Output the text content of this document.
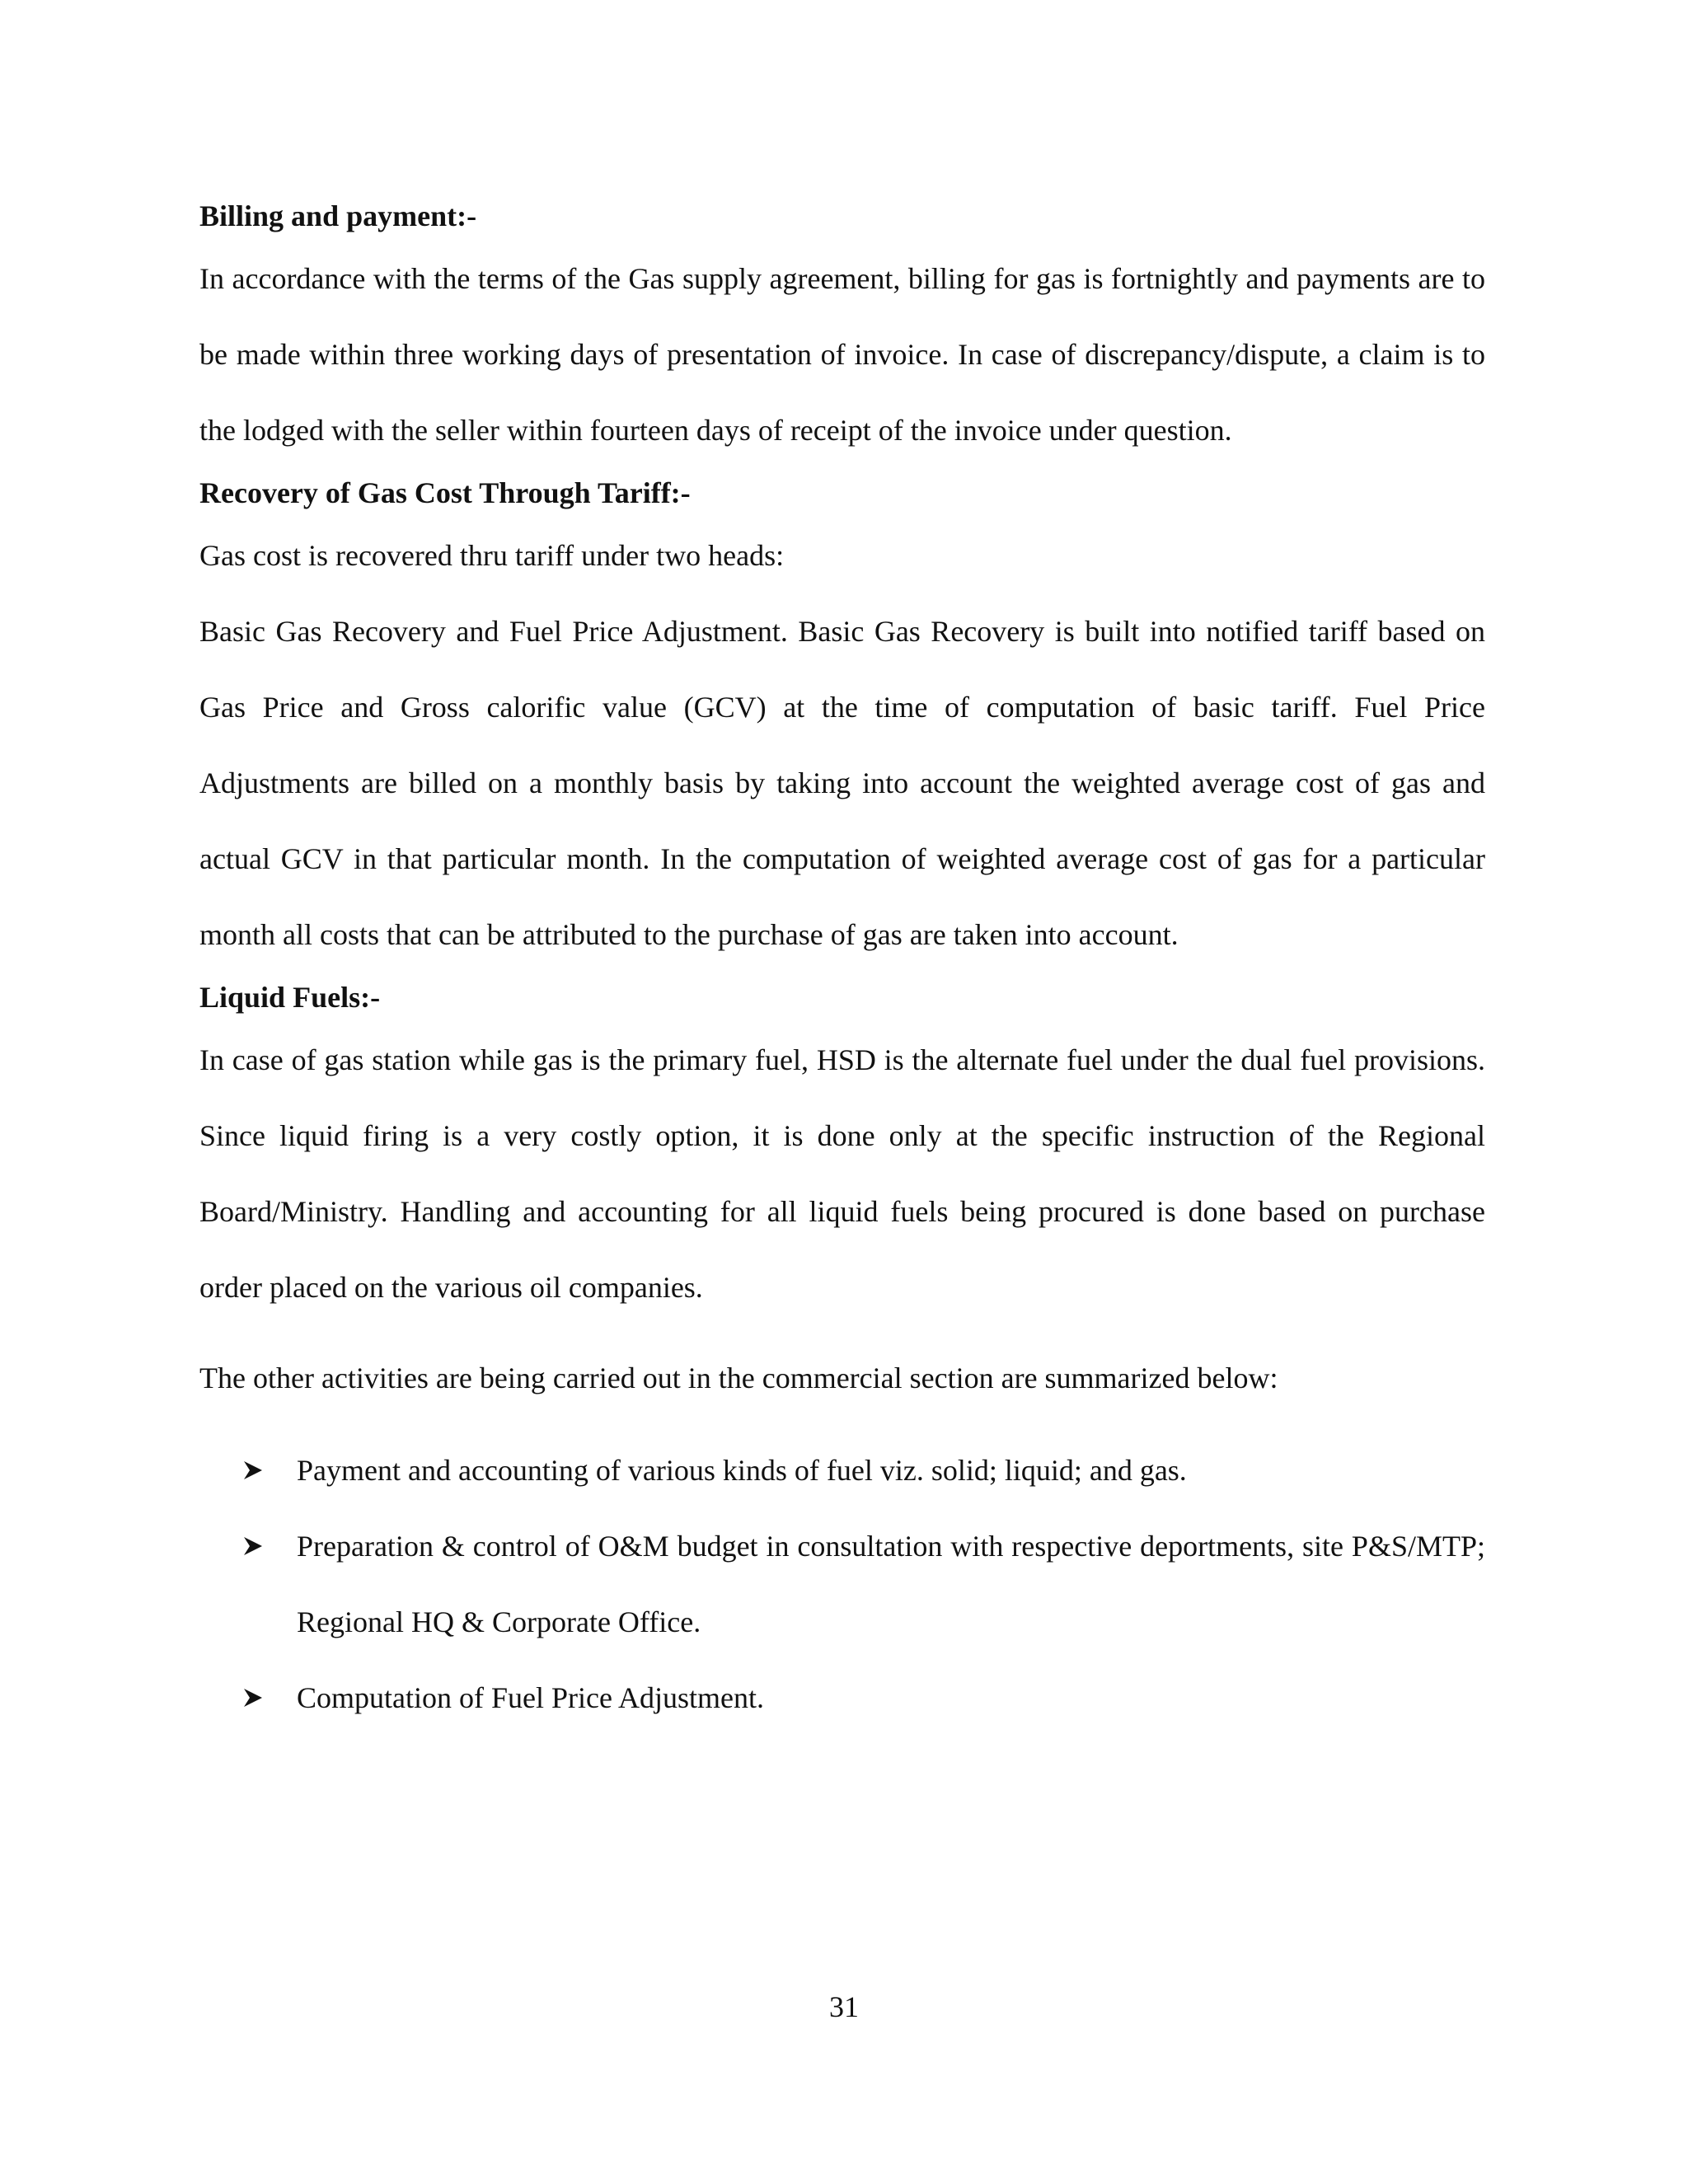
Billing and payment:-

In accordance with the terms of the Gas supply agreement, billing for gas is fortnightly and payments are to be made within three working days of presentation of invoice. In case of discrepancy/dispute, a claim is to the lodged with the seller within fourteen days of receipt of the invoice under question.

Recovery of Gas Cost Through Tariff:-

Gas cost is recovered thru tariff under two heads:

Basic Gas Recovery and Fuel Price Adjustment. Basic Gas Recovery is built into notified tariff based on Gas Price and Gross calorific value (GCV) at the time of computation of basic tariff. Fuel Price Adjustments are billed on a monthly basis by taking into account the weighted average cost of gas and actual GCV in that particular month. In the computation of weighted average cost of gas for a particular month all costs that can be attributed to the purchase of gas are taken into account.

Liquid Fuels:-

In case of gas station while gas is the primary fuel, HSD is the alternate fuel under the dual fuel provisions. Since liquid firing is a very costly option, it is done only at the specific instruction of the Regional Board/Ministry. Handling and accounting for all liquid fuels being procured is done based on purchase order placed on the various oil companies.

The other activities are being carried out in the commercial section are summarized below:

Payment and accounting of various kinds of fuel viz. solid; liquid; and gas.
Preparation & control of O&M budget in consultation with respective deportments, site P&S/MTP; Regional HQ & Corporate Office.
Computation of Fuel Price Adjustment.
31
